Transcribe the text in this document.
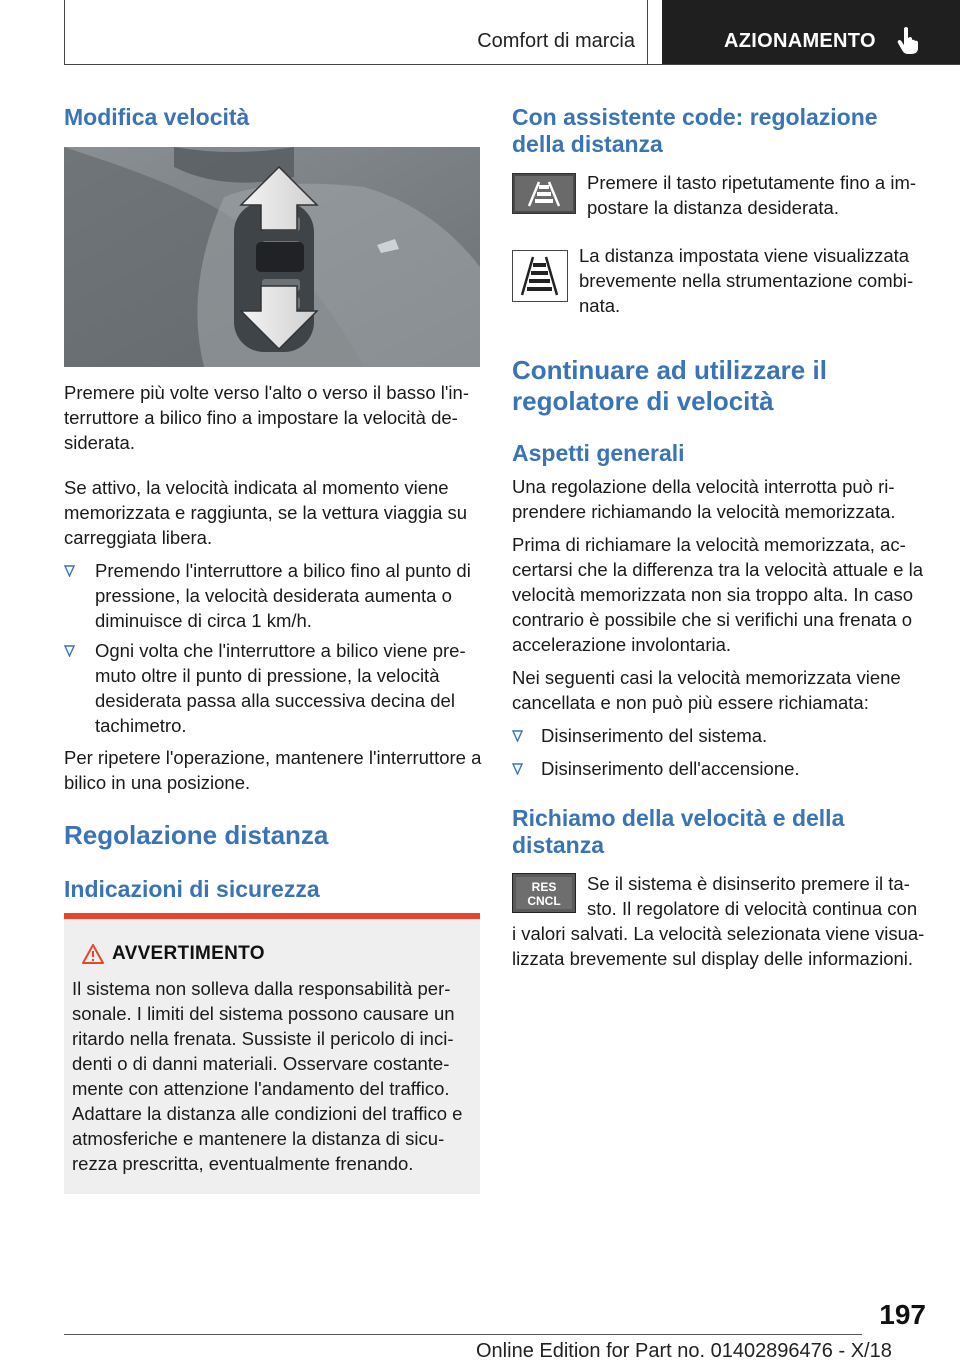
Comfort di marcia	AZIONAMENTO
Modifica velocità

Premere più volte verso l'alto o verso il basso l'in-terruttore a bilico fino a impostare la velocità de-siderata.

Se attivo, la velocità indicata al momento viene memorizzata e raggiunta, se la vettura viaggia su carreggiata libera.

Premendo l'interruttore a bilico fino al punto di pressione, la velocità desiderata aumenta o diminuisce di circa 1 km/h.

Ogni volta che l'interruttore a bilico viene pre-muto oltre il punto di pressione, la velocità desiderata passa alla successiva decina del tachimetro.

Per ripetere l'operazione, mantenere l'interruttore a bilico in una posizione.

Regolazione distanza
Indicazioni di sicurezza
AVVERTIMENTO

Il sistema non solleva dalla responsabilità per-sonale. I limiti del sistema possono causare un ritardo nella frenata. Sussiste il pericolo di inci-denti o di danni materiali. Osservare costante-mente con attenzione l'andamento del traffico. Adattare la distanza alle condizioni del traffico e atmosferiche e mantenere la distanza di sicu-rezza prescritta, eventualmente frenando.

Con assistente code: regolazione della distanza

Premere il tasto ripetutamente fino a im-postare la distanza desiderata.

La distanza impostata viene visualizzata brevemente nella strumentazione combi-nata.

Continuare ad utilizzare il regolatore di velocità
Aspetti generali

Una regolazione della velocità interrotta può ri-prendere richiamando la velocità memorizzata.

Prima di richiamare la velocità memorizzata, ac-certarsi che la differenza tra la velocità attuale e la velocità memorizzata non sia troppo alta. In caso contrario è possibile che si verifichi una frenata o accelerazione involontaria.

Nei seguenti casi la velocità memorizzata viene cancellata e non può più essere richiamata:

Disinserimento del sistema.

Disinserimento dell'accensione.

Richiamo della velocità e della distanza
RES
CNCL

Se il sistema è disinserito premere il ta-sto. Il regolatore di velocità continua con

i valori salvati. La velocità selezionata viene visua-lizzata brevemente sul display delle informazioni.

197
Online Edition for Part no. 01402896476 - X/18
